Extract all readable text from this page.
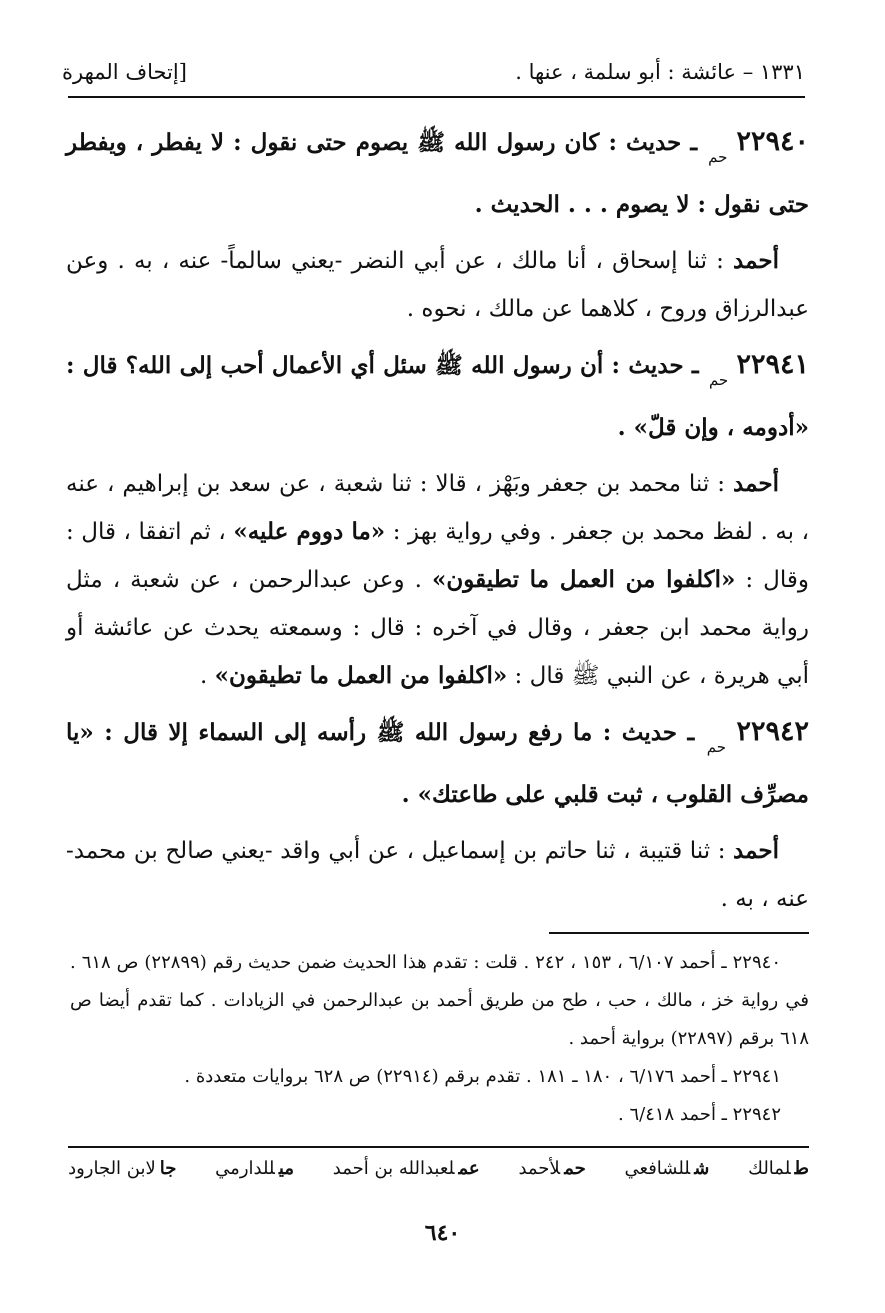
١٣٣١ – عائشة : أبو سلمة ، عنها .
[إتحاف المهرة

٢٢٩٤٠ $_{حم}$ ـ حديث : كان رسول الله ﷺ يصوم حتى نقول : لا يفطر ، ويفطر حتى نقول : لا يصوم . . . الحديث .

أحمد : ثنا إسحاق ، أنا مالك ، عن أبي النضر -يعني سالماً- عنه ، به . وعن عبدالرزاق وروح ، كلاهما عن مالك ، نحوه .

٢٢٩٤١ $_{حم}$ ـ حديث : أن رسول الله ﷺ سئل أي الأعمال أحب إلى الله؟ قال : «أدومه ، وإن قلّ» .

أحمد : ثنا محمد بن جعفر وبَهْز ، قالا : ثنا شعبة ، عن سعد بن إبراهيم ، عنه ، به . لفظ محمد بن جعفر . وفي رواية بهز : «ما دووم عليه» ، ثم اتفقا ، قال : وقال : «اكلفوا من العمل ما تطيقون» . وعن عبدالرحمن ، عن شعبة ، مثل رواية محمد ابن جعفر ، وقال في آخره : قال : وسمعته يحدث عن عائشة أو أبي هريرة ، عن النبي ﷺ قال : «اكلفوا من العمل ما تطيقون» .

٢٢٩٤٢ $_{حم}$ ـ حديث : ما رفع رسول الله ﷺ رأسه إلى السماء إلا قال : «يا مصرِّف القلوب ، ثبت قلبي على طاعتك» .

أحمد : ثنا قتيبة ، ثنا حاتم بن إسماعيل ، عن أبي واقد -يعني صالح بن محمد- عنه ، به .

٢٢٩٤٠ ـ أحمد ٦/١٠٧ ، ١٥٣ ، ٢٤٢ . قلت : تقدم هذا الحديث ضمن حديث رقم (٢٢٨٩٩) ص ٦١٨ . في رواية خز ، مالك ، حب ، طح من طريق أحمد بن عبدالرحمن في الزيادات . كما تقدم أيضا ص ٦١٨ برقم (٢٢٨٩٧) برواية أحمد .

٢٢٩٤١ ـ أحمد ٦/١٧٦ ، ١٨٠ ـ ١٨١ . تقدم برقم (٢٢٩١٤) ص ٦٢٨ بروايات متعددة .

٢٢٩٤٢ ـ أحمد ٦/٤١٨ .

طلمالك
شللشافعي
حملأحمد
عملعبدالله بن أحمد
ميللدارمي
جالابن الجارود
٦٤٠
